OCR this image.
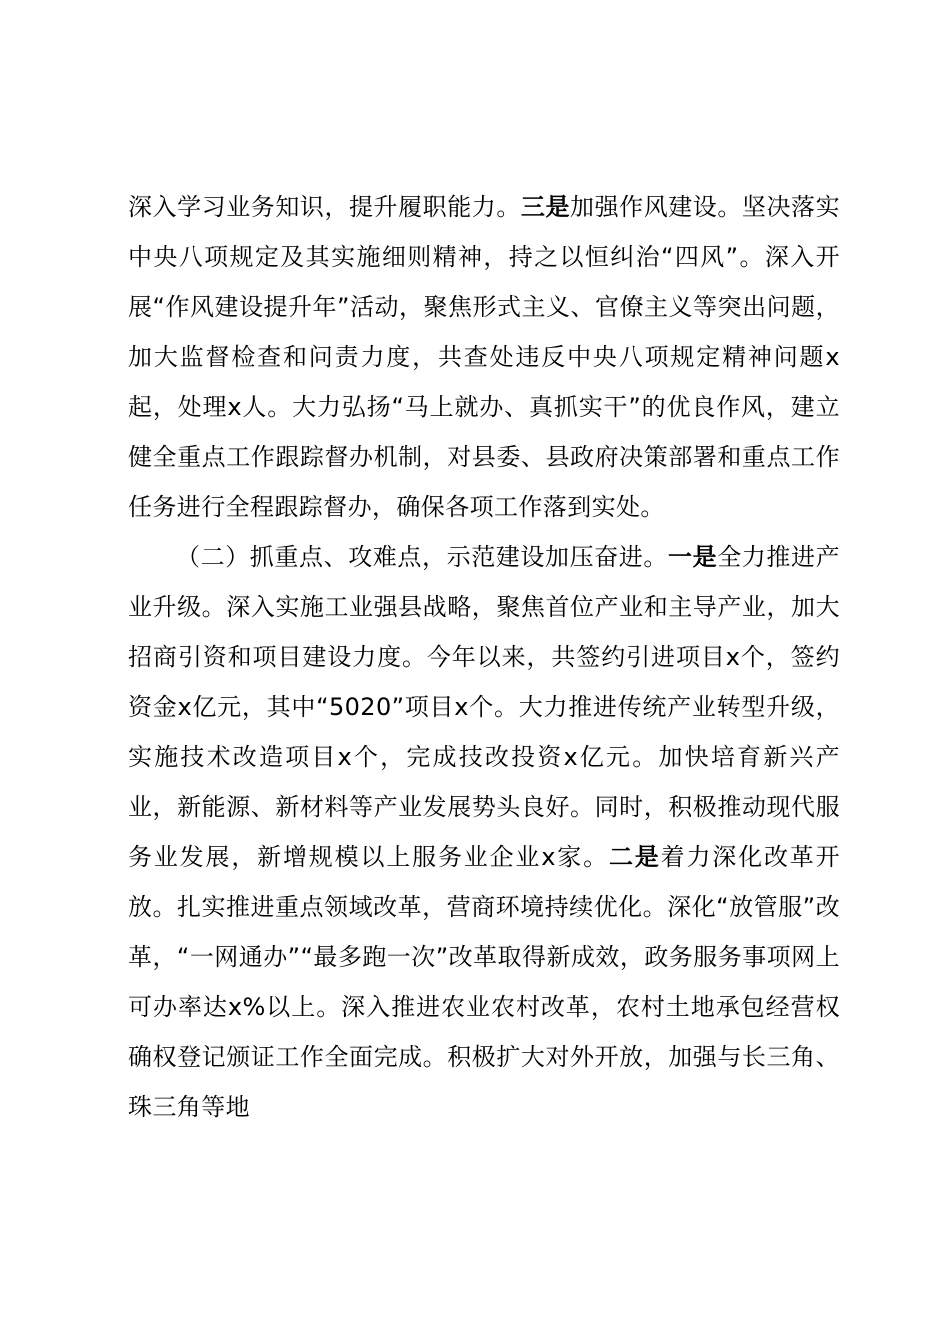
深入学习业务知识，提升履职能力。三是加强作风建设。坚决落实中央八项规定及其实施细则精神，持之以恒纠治“四风”。深入开展“作风建设提升年”活动，聚焦形式主义、官僚主义等突出问题，加大监督检查和问责力度，共查处违反中央八项规定精神问题x起，处理x人。大力弘扬“马上就办、真抓实干”的优良作风，建立健全重点工作跟踪督办机制，对县委、县政府决策部署和重点工作任务进行全程跟踪督办，确保各项工作落到实处。

（二）抓重点、攻难点，示范建设加压奋进。一是全力推进产业升级。深入实施工业强县战略，聚焦首位产业和主导产业，加大招商引资和项目建设力度。今年以来，共签约引进项目x个，签约资金x亿元，其中“5020”项目x个。大力推进传统产业转型升级，实施技术改造项目x个，完成技改投资x亿元。加快培育新兴产业，新能源、新材料等产业发展势头良好。同时，积极推动现代服务业发展，新增规模以上服务业企业x家。二是着力深化改革开放。扎实推进重点领域改革，营商环境持续优化。深化“放管服”改革，“一网通办”“最多跑一次”改革取得新成效，政务服务事项网上可办率达x%以上。深入推进农业农村改革，农村土地承包经营权确权登记颁证工作全面完成。积极扩大对外开放，加强与长三角、珠三角等地
